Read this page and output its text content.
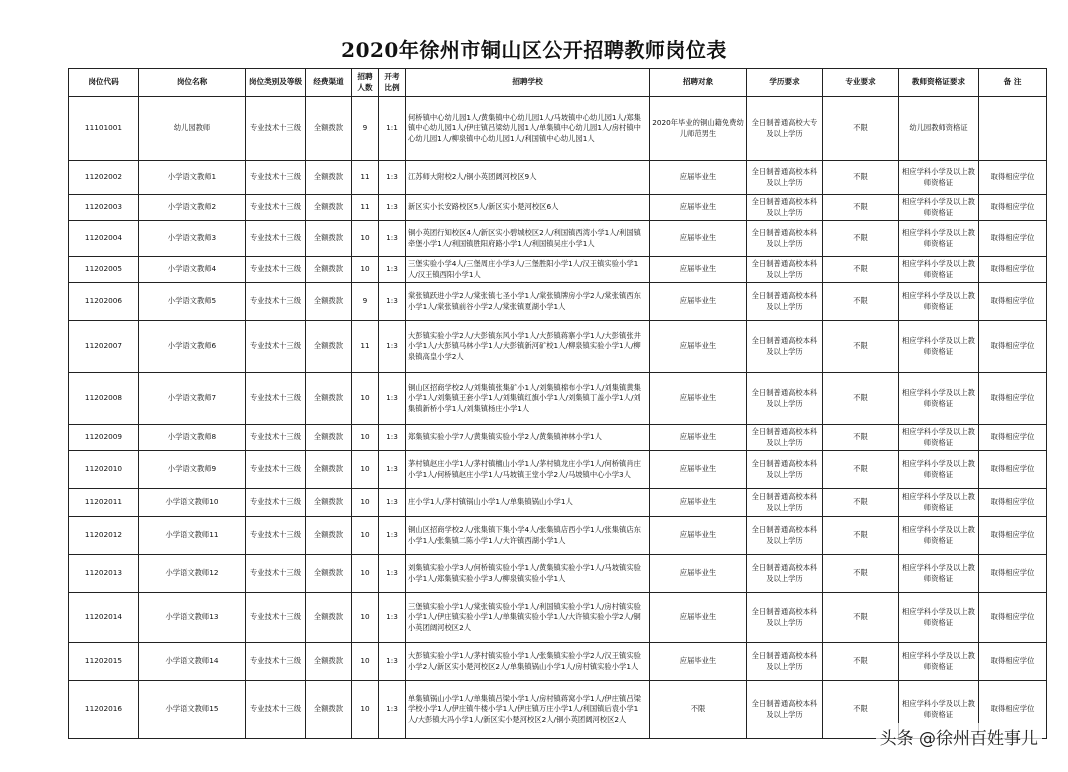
2020年徐州市铜山区公开招聘教师岗位表
岗位代码	岗位名称	岗位类别及等级	经费渠道	招聘人数	开考比例	招聘学校	招聘对象	学历要求	专业要求	教师资格证要求	备 注
11101001	幼儿园教师	专业技术十三级	全额拨款	9	1:1	何桥镇中心幼儿园1人/黄集镇中心幼儿园1人/马坡镇中心幼儿园1人/郑集镇中心幼儿园1人/伊庄镇吕梁幼儿园1人/单集镇中心幼儿园1人/房村镇中心幼儿园1人/柳泉镇中心幼儿园1人/利国镇中心幼儿园1人	2020年毕业的铜山籍免费幼儿师范男生	全日制普通高校大专及以上学历	不限	幼儿园教师资格证	
11202002	小学语文教师1	专业技术十三级	全额拨款	11	1:3	江苏师大附校2人/铜小英团阔河校区9人	应届毕业生	全日制普通高校本科及以上学历	不限	相应学科小学及以上教师资格证	取得相应学位
11202003	小学语文教师2	专业技术十三级	全额拨款	11	1:3	新区实小长安路校区5人/新区实小楚河校区6人	应届毕业生	全日制普通高校本科及以上学历	不限	相应学科小学及以上教师资格证	取得相应学位
11202004	小学语文教师3	专业技术十三级	全额拨款	10	1:3	铜小英团行知校区4人/新区实小碧城校区2人/利国镇西湾小学1人/利国镇牵堡小学1人/利国镇胜阳府路小学1人/利国镇吴庄小学1人	应届毕业生	全日制普通高校本科及以上学历	不限	相应学科小学及以上教师资格证	取得相应学位
11202005	小学语文教师4	专业技术十三级	全额拨款	10	1:3	三堡实验小学4人/三堡周庄小学3人/三堡胜阳小学1人/汉王镇实验小学1人/汉王镇西阳小学1人	应届毕业生	全日制普通高校本科及以上学历	不限	相应学科小学及以上教师资格证	取得相应学位
11202006	小学语文教师5	专业技术十三级	全额拨款	9	1:3	棠张镇跃进小学2人/棠张镇七圣小学1人/棠张镇牌房小学2人/棠张镇西东小学1人/棠张镇前谷小学2人/棠张镇夏湖小学1人	应届毕业生	全日制普通高校本科及以上学历	不限	相应学科小学及以上教师资格证	取得相应学位
11202007	小学语文教师6	专业技术十三级	全额拨款	11	1:3	大彭镇实验小学2人/大彭镇东风小学1人/大彭镇蒋寨小学1人/大彭镇张井小学1人/大彭镇马林小学1人/大彭镇新河矿校1人/柳泉镇实验小学1人/柳泉镇高皇小学2人	应届毕业生	全日制普通高校本科及以上学历	不限	相应学科小学及以上教师资格证	取得相应学位
11202008	小学语文教师7	专业技术十三级	全额拨款	10	1:3	铜山区招商学校2人/刘集镇张集矿小1人/刘集镇棉布小学1人/刘集镇黄集小学1人/刘集镇王套小学1人/刘集镇红旗小学1人/刘集镇丁盖小学1人/刘集镇新桥小学1人/刘集镇杨庄小学1人	应届毕业生	全日制普通高校本科及以上学历	不限	相应学科小学及以上教师资格证	取得相应学位
11202009	小学语文教师8	专业技术十三级	全额拨款	10	1:3	郑集镇实验小学7人/黄集镇实验小学2人/黄集镇神林小学1人	应届毕业生	全日制普通高校本科及以上学历	不限	相应学科小学及以上教师资格证	取得相应学位
11202010	小学语文教师9	专业技术十三级	全额拨款	10	1:3	茅村镇赵庄小学1人/茅村镇檀山小学1人/茅村镇龙庄小学1人/何桥镇肖庄小学1人/何桥镇赵庄小学1人/马坡镇王堂小学2人/马坡镇中心小学3人	应届毕业生	全日制普通高校本科及以上学历	不限	相应学科小学及以上教师资格证	取得相应学位
11202011	小学语文教师10	专业技术十三级	全额拨款	10	1:3	庄小学1人/茅村镇锅山小学1人/单集镇锅山小学1人	应届毕业生	全日制普通高校本科及以上学历	不限	相应学科小学及以上教师资格证	取得相应学位
11202012	小学语文教师11	专业技术十三级	全额拨款	10	1:3	铜山区招商学校2人/张集镇下集小学4人/张集镇店西小学1人/张集镇店东小学1人/张集镇二陈小学1人/大许镇西湖小学1人	应届毕业生	全日制普通高校本科及以上学历	不限	相应学科小学及以上教师资格证	取得相应学位
11202013	小学语文教师12	专业技术十三级	全额拨款	10	1:3	刘集镇实验小学3人/何桥镇实验小学1人/黄集镇实验小学1人/马坡镇实验小学1人/郑集镇实验小学3人/柳泉镇实验小学1人	应届毕业生	全日制普通高校本科及以上学历	不限	相应学科小学及以上教师资格证	取得相应学位
11202014	小学语文教师13	专业技术十三级	全额拨款	10	1:3	三堡镇实验小学1人/棠张镇实验小学1人/利国镇实验小学1人/房村镇实验小学1人/伊庄镇实验小学1人/单集镇实验小学1人/大许镇实验小学2人/铜小英团阔河校区2人	应届毕业生	全日制普通高校本科及以上学历	不限	相应学科小学及以上教师资格证	取得相应学位
11202015	小学语文教师14	专业技术十三级	全额拨款	10	1:3	大彭镇实验小学1人/茅村镇实验小学1人/张集镇实验小学2人/汉王镇实验小学2人/新区实小楚河校区2人/单集镇锅山小学1人/房村镇实验小学1人	应届毕业生	全日制普通高校本科及以上学历	不限	相应学科小学及以上教师资格证	取得相应学位
11202016	小学语文教师15	专业技术十三级	全额拨款	10	1:3	单集镇锅山小学1人/单集镇吕梁小学1人/房村镇蒋窝小学1人/伊庄镇吕梁学校小学1人/伊庄镇牛楼小学1人/伊庄镇万庄小学1人/利国镇后袁小学1人/大彭镇大冯小学1人/新区实小楚河校区2人/铜小英团阔河校区2人	不限	全日制普通高校本科及以上学历	不限	相应学科小学及以上教师资格证	取得相应学位
头条 @徐州百姓事儿
